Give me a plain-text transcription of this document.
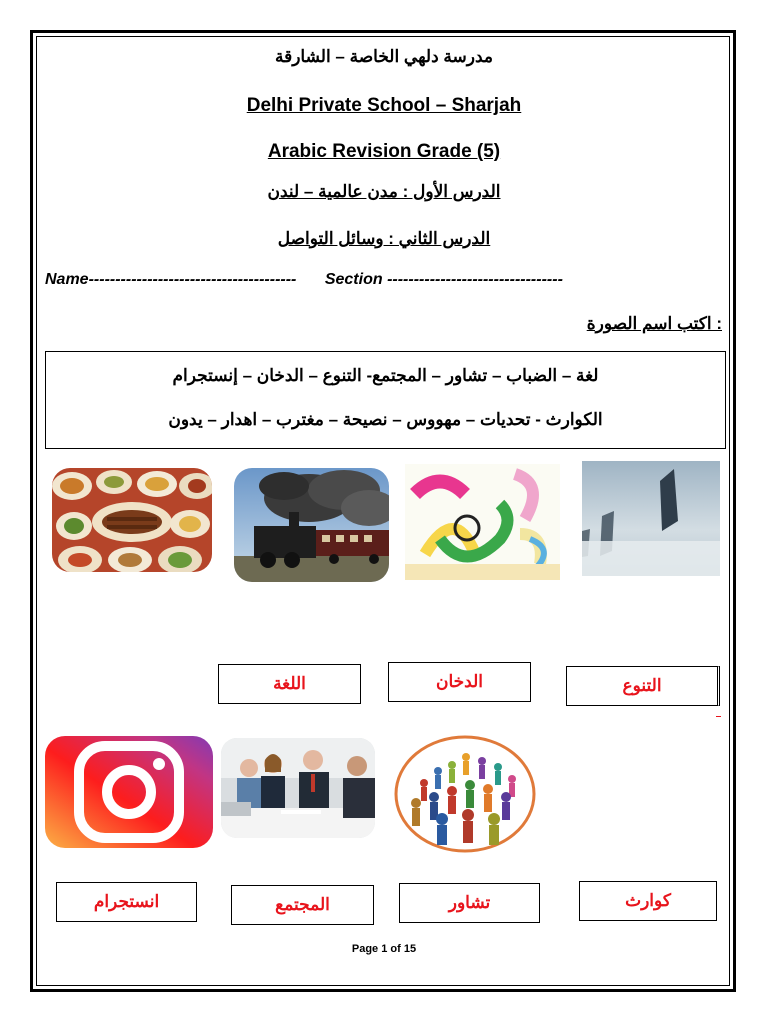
مدرسة دلهي الخاصة – الشارقة
Delhi Private School – Sharjah
Arabic Revision Grade (5)
الدرس الأول : مدن عالمية – لندن
الدرس الثاني : وسائل التواصل
Name--------------------------------------- Section ---------------------------------
: اكتب اسم الصورة
لغة – الضباب – تشاور – المجتمع- التنوع – الدخان – إنستجرام
الكوارث - تحديات – مهووس – نصيحة – مغترب – اهدار – يدون
اللغة	الدخان	التنوع
انستجرام	المجتمع	تشاور	كوارث
Page 1 of 15
